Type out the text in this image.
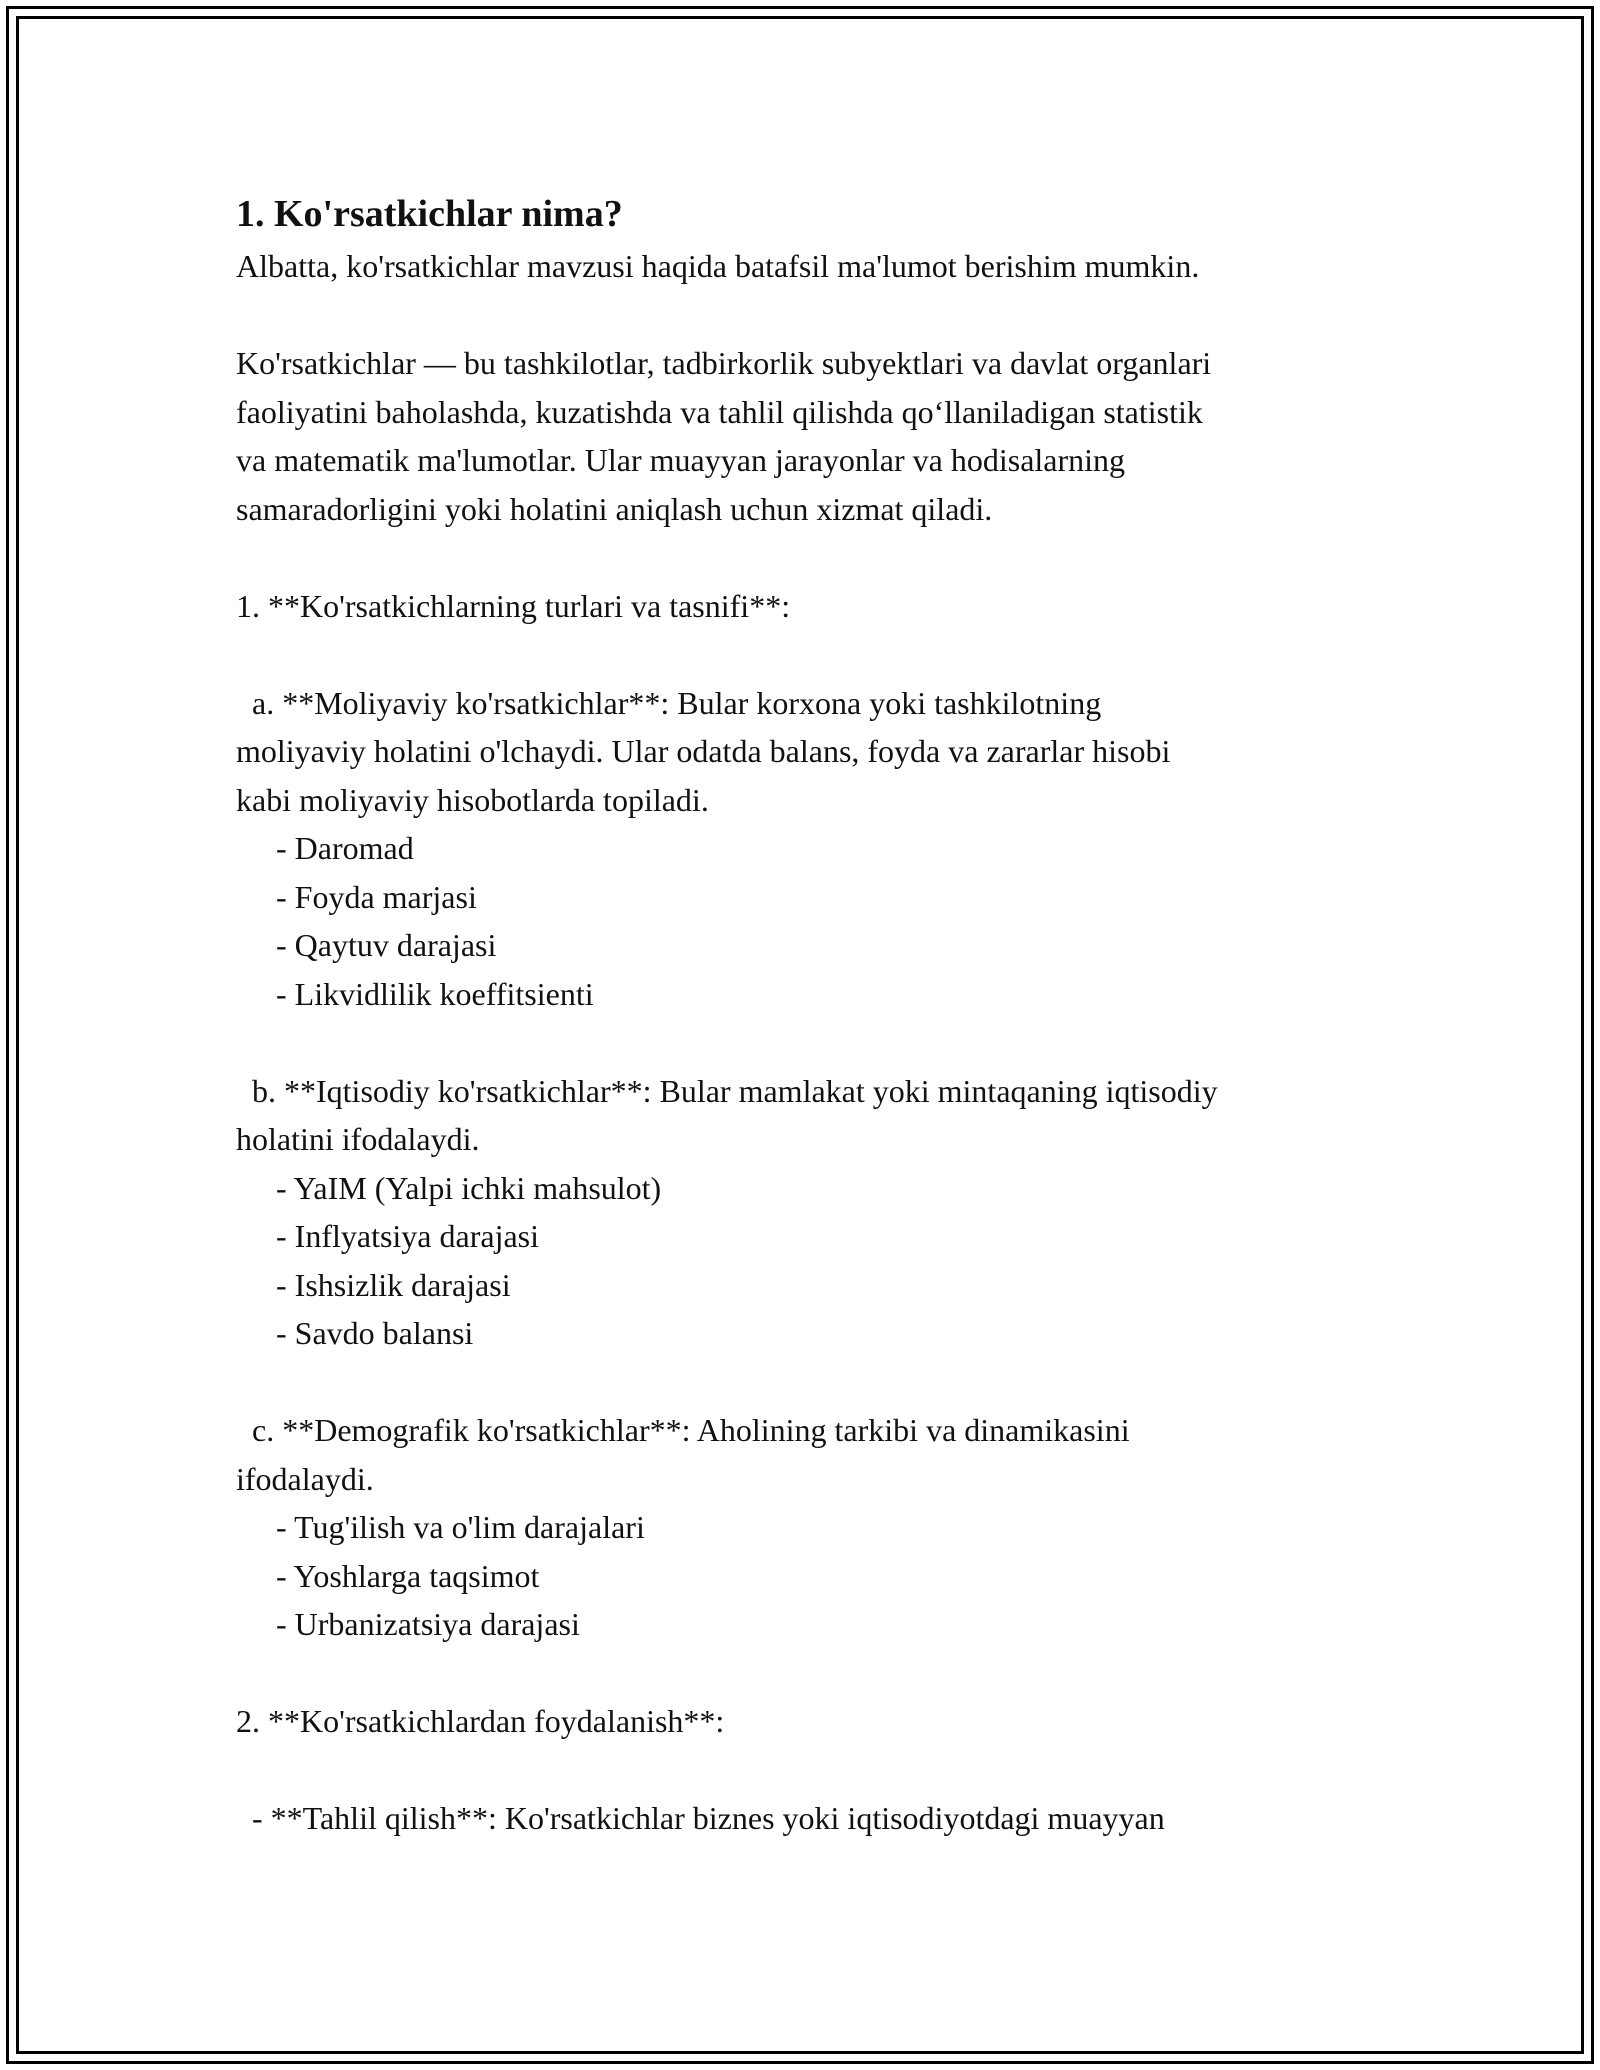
1. Ko'rsatkichlar nima?

Albatta, ko'rsatkichlar mavzusi haqida batafsil ma'lumot berishim mumkin.

Ko'rsatkichlar — bu tashkilotlar, tadbirkorlik subyektlari va davlat organlari
faoliyatini baholashda, kuzatishda va tahlil qilishda qo‘llaniladigan statistik
va matematik ma'lumotlar. Ular muayyan jarayonlar va hodisalarning
samaradorligini yoki holatini aniqlash uchun xizmat qiladi.
1. **Ko'rsatkichlarning turlari va tasnifi**:
a. **Moliyaviy ko'rsatkichlar**: Bular korxona yoki tashkilotning
moliyaviy holatini o'lchaydi. Ular odatda balans, foyda va zararlar hisobi
kabi moliyaviy hisobotlarda topiladi.
- Daromad
- Foyda marjasi
- Qaytuv darajasi
- Likvidlilik koeffitsienti
b. **Iqtisodiy ko'rsatkichlar**: Bular mamlakat yoki mintaqaning iqtisodiy
holatini ifodalaydi.
- YaIM (Yalpi ichki mahsulot)
- Inflyatsiya darajasi
- Ishsizlik darajasi
- Savdo balansi
c. **Demografik ko'rsatkichlar**: Aholining tarkibi va dinamikasini
ifodalaydi.
- Tug'ilish va o'lim darajalari
- Yoshlarga taqsimot
- Urbanizatsiya darajasi
2. **Ko'rsatkichlardan foydalanish**:
- **Tahlil qilish**: Ko'rsatkichlar biznes yoki iqtisodiyotdagi muayyan
